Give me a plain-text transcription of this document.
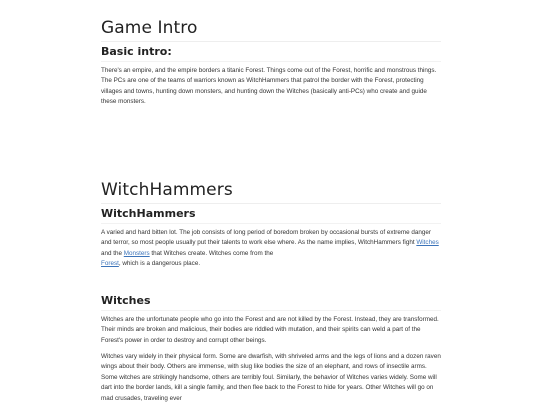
Game Intro
Basic intro:

There's an empire, and the empire borders a titanic Forest. Things come out of the Forest, horrific and monstrous things. The PCs are one of the teams of warriors known as WitchHammers that patrol the border with the Forest, protecting villages and towns, hunting down monsters, and hunting down the Witches (basically anti-PCs) who create and guide these monsters.

WitchHammers
WitchHammers

A varied and hard bitten lot. The job consists of long period of boredom broken by occasional bursts of extreme danger and terror, so most people usually put their talents to work else where. As the name implies, WitchHammers fight Witches and the Monsters that Witches create. Witches come from the
Forest, which is a dangerous place.

Witches

Witches are the unfortunate people who go into the Forest and are not killed by the Forest. Instead, they are transformed. Their minds are broken and malicious, their bodies are riddled with mutation, and their spirits can weld a part of the Forest's power in order to destroy and corrupt other beings.

Witches vary widely in their physical form. Some are dwarfish, with shriveled arms and the legs of lions and a dozen raven wings about their body. Others are immense, with slug like bodies the size of an elephant, and rows of insectile arms. Some witches are strikingly handsome, others are terribly foul. Similarly, the behavior of Witches varies widely. Some will dart into the border lands, kill a single family, and then flee back to the Forest to hide for years. Other Witches will go on mad crusades, traveling ever
